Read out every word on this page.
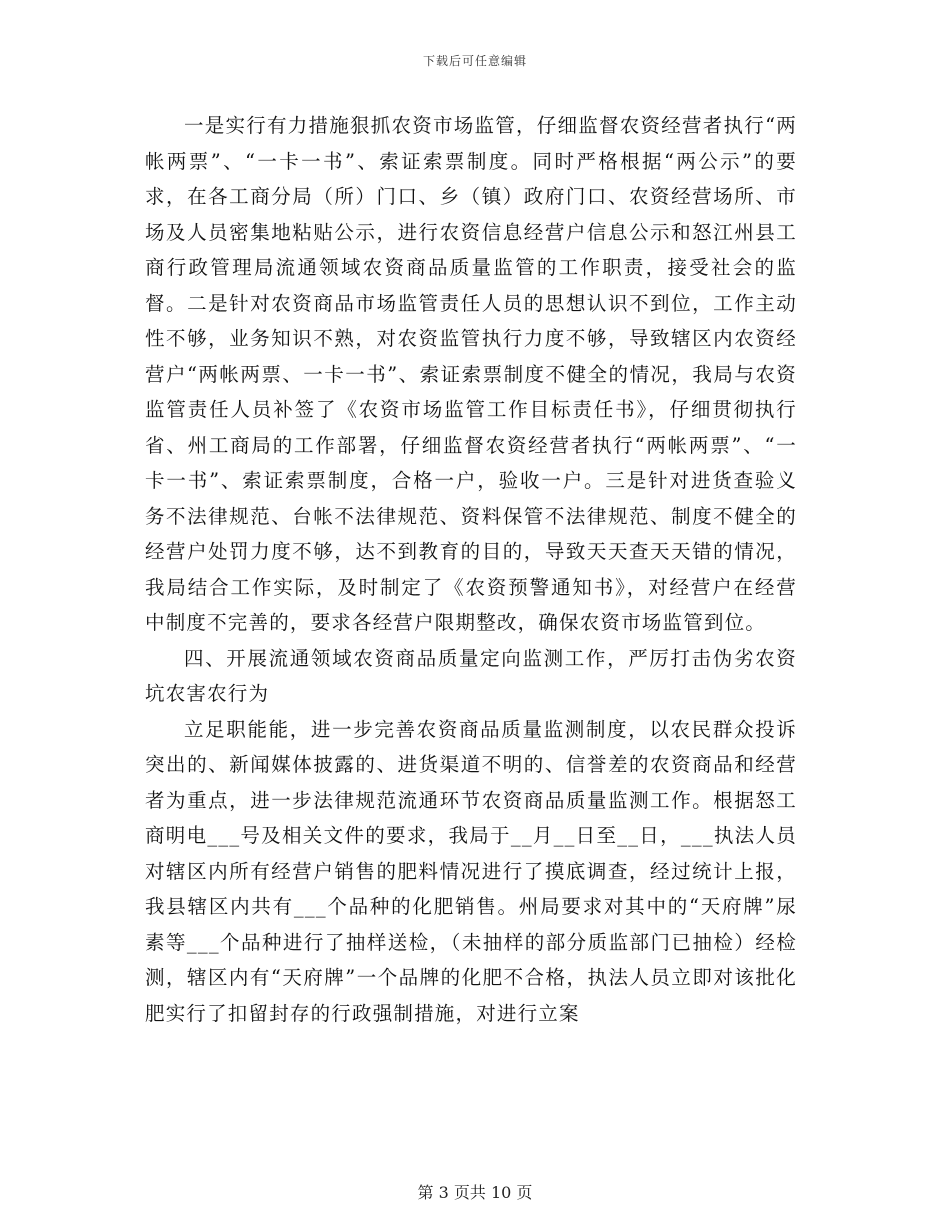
下载后可任意编辑

一是实行有力措施狠抓农资市场监管，仔细监督农资经营者执行“两帐两票”、“一卡一书”、索证索票制度。同时严格根据“两公示”的要求，在各工商分局（所）门口、乡（镇）政府门口、农资经营场所、市场及人员密集地粘贴公示，进行农资信息经营户信息公示和怒江州县工商行政管理局流通领域农资商品质量监管的工作职责，接受社会的监督。二是针对农资商品市场监管责任人员的思想认识不到位，工作主动性不够，业务知识不熟，对农资监管执行力度不够，导致辖区内农资经营户“两帐两票、一卡一书”、索证索票制度不健全的情况，我局与农资监管责任人员补签了《农资市场监管工作目标责任书》，仔细贯彻执行省、州工商局的工作部署，仔细监督农资经营者执行“两帐两票”、“一卡一书”、索证索票制度，合格一户，验收一户。三是针对进货查验义务不法律规范、台帐不法律规范、资料保管不法律规范、制度不健全的经营户处罚力度不够，达不到教育的目的，导致天天查天天错的情况，我局结合工作实际，及时制定了《农资预警通知书》，对经营户在经营中制度不完善的，要求各经营户限期整改，确保农资市场监管到位。

四、开展流通领域农资商品质量定向监测工作，严厉打击伪劣农资坑农害农行为

立足职能能，进一步完善农资商品质量监测制度，以农民群众投诉突出的、新闻媒体披露的、进货渠道不明的、信誉差的农资商品和经营者为重点，进一步法律规范流通环节农资商品质量监测工作。根据怒工商明电___号及相关文件的要求，我局于__月__日至__日，___执法人员对辖区内所有经营户销售的肥料情况进行了摸底调查，经过统计上报，我县辖区内共有___个品种的化肥销售。州局要求对其中的“天府牌”尿素等___个品种进行了抽样送检，（未抽样的部分质监部门已抽检）经检测，辖区内有“天府牌”一个品牌的化肥不合格，执法人员立即对该批化肥实行了扣留封存的行政强制措施，对进行立案

第 3 页共 10 页
